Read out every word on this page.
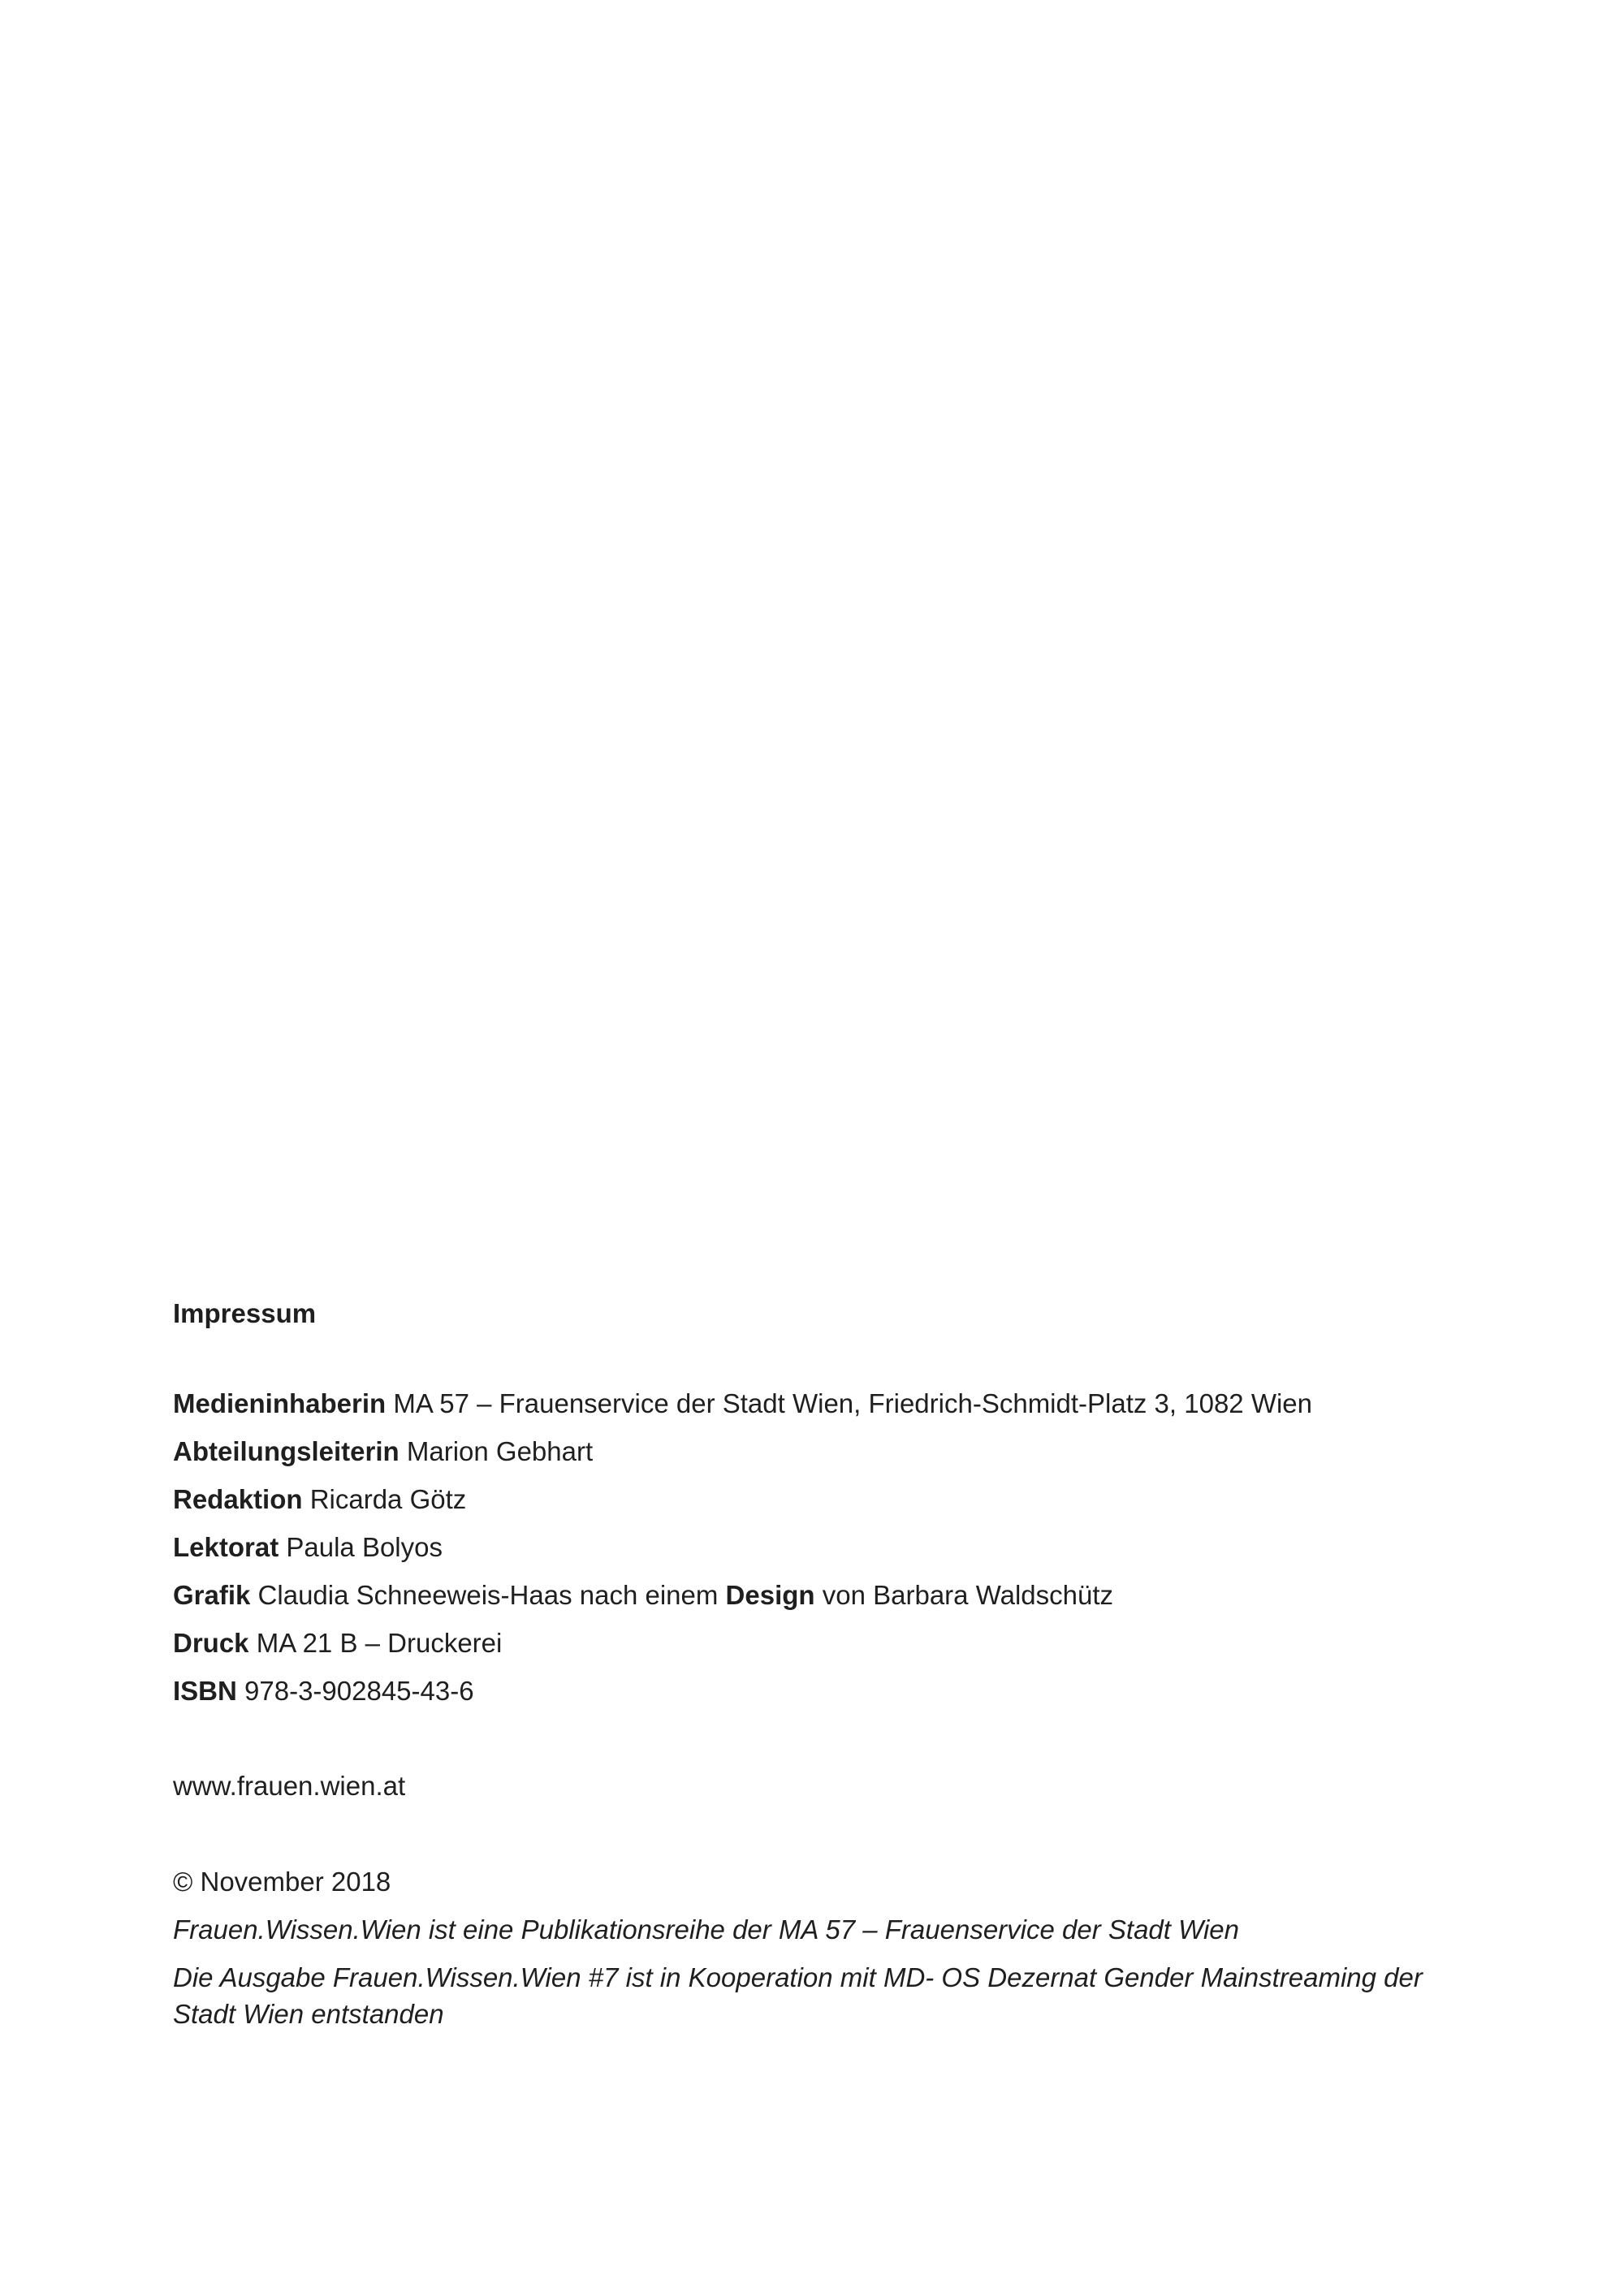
Impressum

Medieninhaberin MA 57 – Frauenservice der Stadt Wien, Friedrich-Schmidt-Platz 3, 1082 Wien

Abteilungsleiterin Marion Gebhart

Redaktion Ricarda Götz

Lektorat Paula Bolyos

Grafik Claudia Schneeweis-Haas nach einem Design von Barbara Waldschütz

Druck MA 21 B – Druckerei

ISBN 978-3-902845-43-6

www.frauen.wien.at

© November 2018

Frauen.Wissen.Wien ist eine Publikationsreihe der MA 57 – Frauenservice der Stadt Wien

Die Ausgabe Frauen.Wissen.Wien #7 ist in Kooperation mit MD- OS Dezernat Gender Mainstreaming der Stadt Wien entstanden
